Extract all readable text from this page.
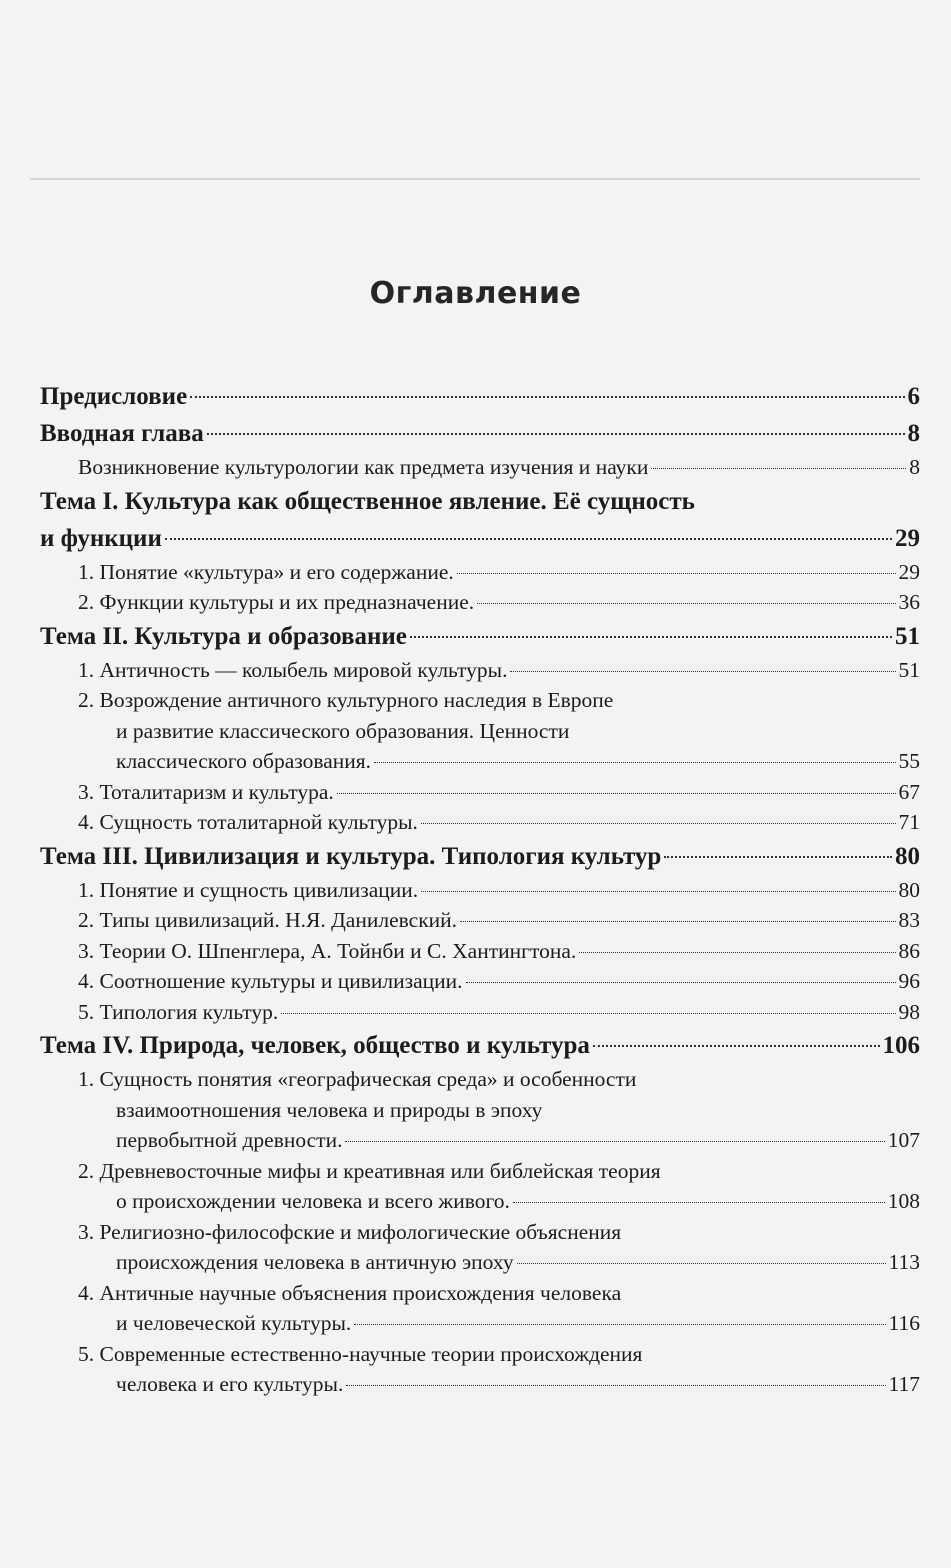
Оглавление
Предисловие	6
Вводная глава	8
Возникновение культурологии как предмета изучения и науки	8
Тема I. Культура как общественное явление. Её сущность
и функции	29
1. Понятие «культура» и его содержание.	29
2. Функции культуры и их предназначение.	36
Тема II. Культура и образование	51
1. Античность — колыбель мировой культуры.	51
2. Возрождение античного культурного наследия в Европе
и развитие классического образования. Ценности
классического образования.	55
3. Тоталитаризм и культура.	67
4. Сущность тоталитарной культуры.	71
Тема III. Цивилизация и культура. Типология культур	80
1. Понятие и сущность цивилизации.	80
2. Типы цивилизаций. Н.Я. Данилевский.	83
3. Теории О. Шпенглера, А. Тойнби и С. Хантингтона.	86
4. Соотношение культуры и цивилизации.	96
5. Типология культур.	98
Тема IV. Природа, человек, общество и культура	106
1. Сущность понятия «географическая среда» и особенности
взаимоотношения человека и природы в эпоху
первобытной древности.	107
2. Древневосточные мифы и креативная или библейская теория
о происхождении человека и всего живого.	108
3. Религиозно-философские и мифологические объяснения
происхождения человека в античную эпоху	113
4. Античные научные объяснения происхождения человека
и человеческой культуры.	116
5. Современные естественно-научные теории происхождения
человека и его культуры.	117
